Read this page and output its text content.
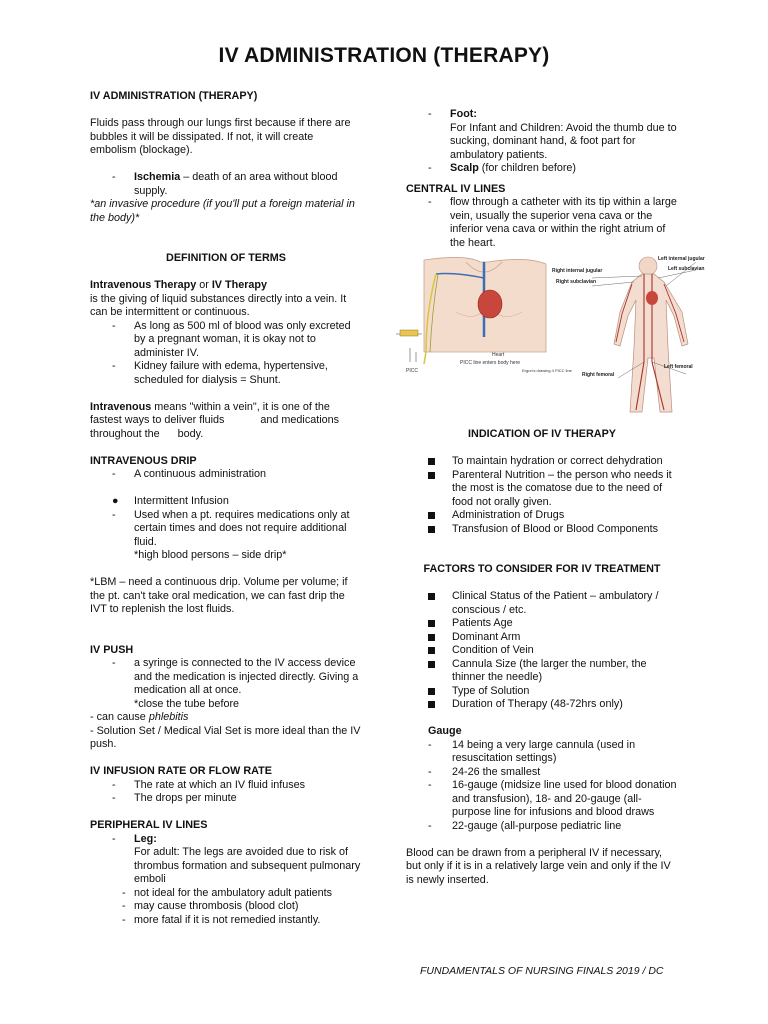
IV ADMINISTRATION (THERAPY)

IV ADMINISTRATION (THERAPY)

Fluids pass through our lungs first because if there are bubbles it will be dissipated. If not, it will create embolism (blockage).

- Ischemia – death of an area without blood supply.

*an invasive procedure (if you'll put a foreign material in the body)*

DEFINITION OF TERMS

Intravenous Therapy or IV Therapy

is the giving of liquid substances directly into a vein. It can be intermittent or continuous.

- As long as 500 ml of blood was only excreted by a pregnant woman, it is okay not to administer IV.
- Kidney failure with edema, hypertensive, scheduled for dialysis = Shunt.

Intravenous means "within a vein", it is one of the fastest ways to deliver fluids            and medications throughout the      body.

INTRAVENOUS DRIP

- A continuous administration
● Intermittent Infusion
- Used when a pt. requires medications only at certain times and does not require additional fluid.
*high blood persons – side drip*

*LBM – need a continuous drip. Volume per volume; if the pt. can't take oral medication, we can fast drip the IVT to replenish the lost fluids.

IV PUSH

- a syringe is connected to the IV access device and the medication is injected directly. Giving a medication all at once.
*close the tube before

- can cause phlebitis

- Solution Set / Medical Vial Set is more ideal than the IV push.

IV INFUSION RATE OR FLOW RATE

- The rate at which an IV fluid infuses
- The drops per minute

PERIPHERAL IV LINES

- Leg:
For adult: The legs are avoided due to risk of thrombus formation and subsequent pulmonary emboli
- not ideal for the ambulatory adult patients
- may cause thrombosis (blood clot)
- more fatal if it is not remedied instantly.
- Foot:
For Infant and Children: Avoid the thumb due to sucking, dominant hand, & foot part for ambulatory patients.
- Scalp (for children before)

CENTRAL IV LINES

- flow through a catheter with its tip within a large vein, usually the superior vena cava or the inferior vena cava or within the right atrium of the heart.
PICC
Heart
PICC line enters body here
Ergun's drawing 4 PICC line
Left internal jugular
Left subclavian
Right internal jugular
Right subclavian
Left femoral
Right femoral

INDICATION OF IV THERAPY

To maintain hydration or correct dehydration
Parenteral Nutrition – the person who needs it the most is the comatose due to the need of food not orally given.
Administration of Drugs
Transfusion of Blood or Blood Components

FACTORS TO CONSIDER FOR IV TREATMENT

Clinical Status of the Patient – ambulatory / conscious / etc.
Patients Age
Dominant Arm
Condition of Vein
Cannula Size (the larger the number, the thinner the needle)
Type of Solution
Duration of Therapy (48-72hrs only)

Gauge

- 14 being a very large cannula (used in resuscitation settings)
- 24-26 the smallest
- 16-gauge (midsize line used for blood donation and transfusion), 18- and 20-gauge (all-purpose line for infusions and blood draws
- 22-gauge (all-purpose pediatric line

Blood can be drawn from a peripheral IV if necessary, but only if it is in a relatively large vein and only if the IV is newly inserted.

FUNDAMENTALS OF NURSING FINALS 2019 / DC
